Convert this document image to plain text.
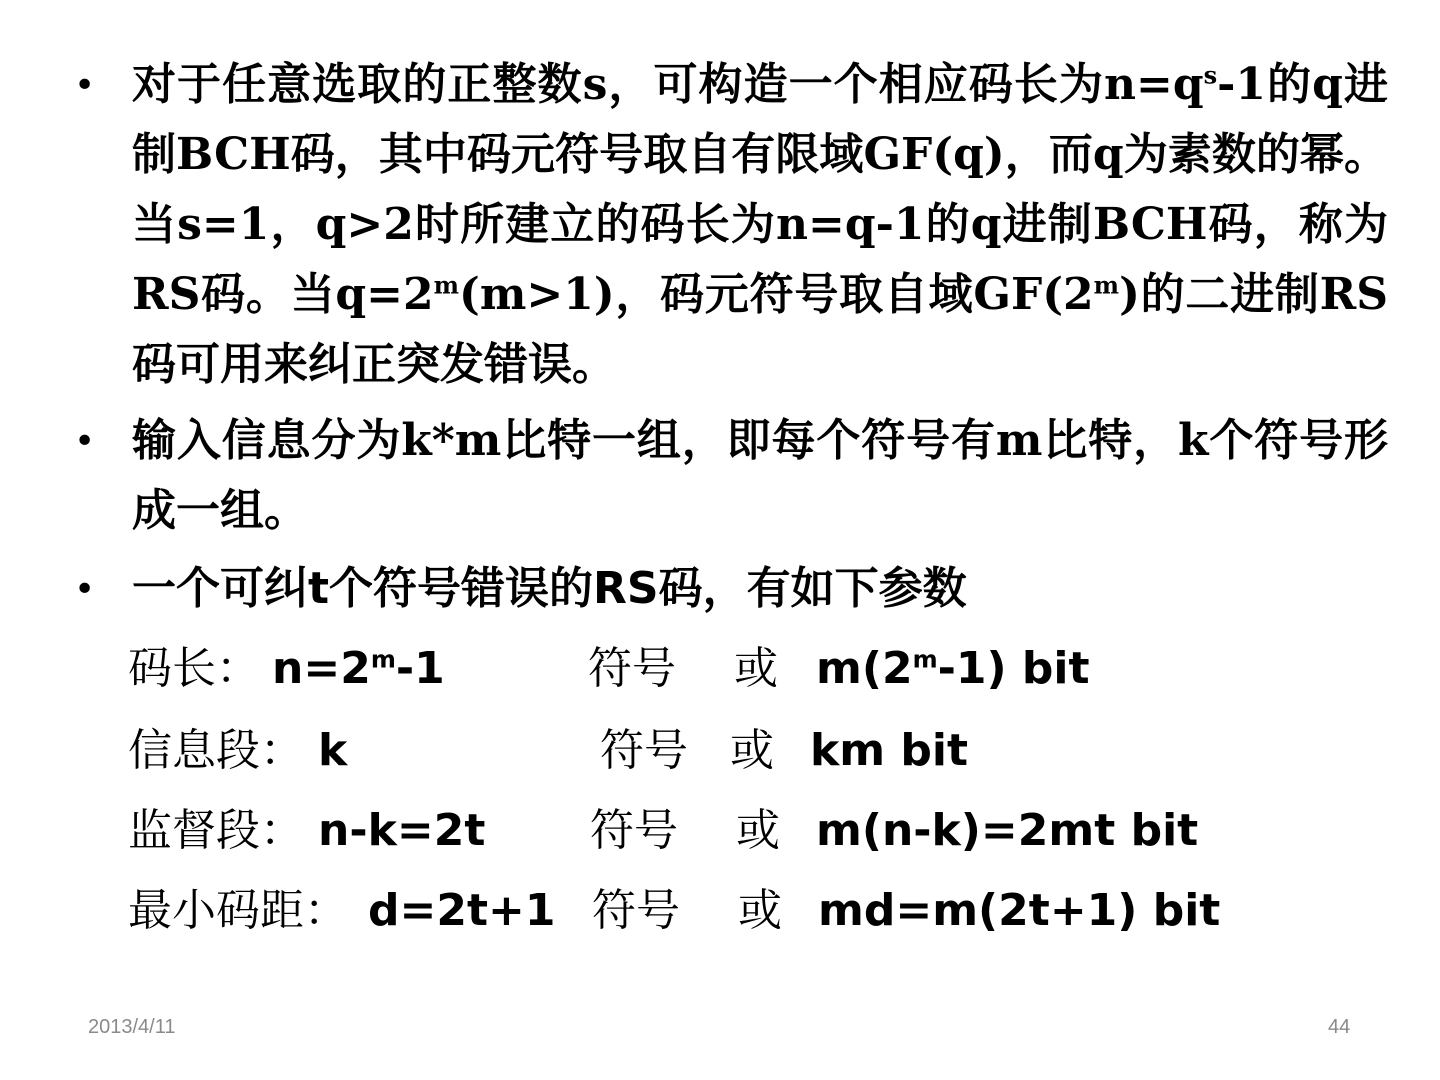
• 对于任意选取的正整数s，可构造一个相应码长为$n=q^s-1$的q进制BCH码，其中码元符号取自有限域GF(q)，而q为素数的幂。当s=1，q>2时所建立的码长为n=q-1的q进制BCH码，称为RS码。当$q=2^m(m>1)$，码元符号取自域GF(2$^m$)的二进制RS码可用来纠正突发错误。
• 输入信息分为k*m比特一组，即每个符号有m比特，k个符号形成一组。
• 一个可纠t个符号错误的RS码，有如下参数
码长： $n=2^m-1$	符号 或 m(2$^m$-1) bit
信息段： k	符号 或 km bit
监督段： n-k=2t 符号 或 m(n-k)=2mt bit
最小码距： d=2t+1 符号 或 md=m(2t+1) bit
2013/4/11	44
